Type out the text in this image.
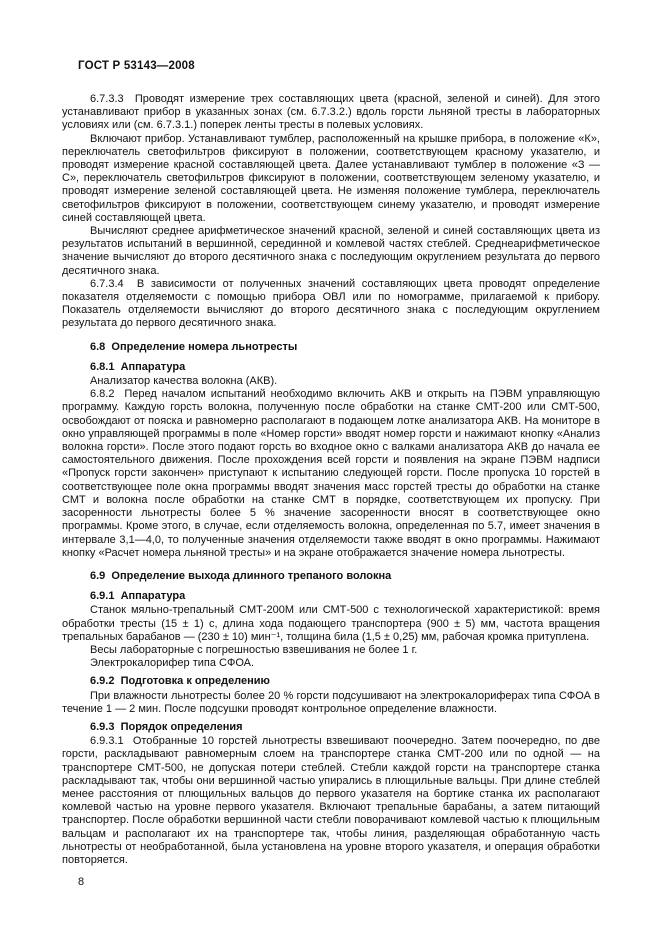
ГОСТ Р 53143—2008

6.7.3.3  Проводят измерение трех составляющих цвета (красной, зеленой и синей). Для этого устанавливают прибор в указанных зонах (см. 6.7.3.2.) вдоль горсти льняной тресты в лабораторных условиях или (см. 6.7.3.1.) поперек ленты тресты в полевых условиях.

Включают прибор. Устанавливают тумблер, расположенный на крышке прибора, в положение «К», переключатель светофильтров фиксируют в положении, соответствующем красному указателю, и проводят измерение красной составляющей цвета. Далее устанавливают тумблер в положение «З — С», переключатель светофильтров фиксируют в положении, соответствующем зеленому указателю, и проводят измерение зеленой составляющей цвета. Не изменяя положение тумблера, переключатель светофильтров фиксируют в положении, соответствующем синему указателю, и проводят измерение синей составляющей цвета.

Вычисляют среднее арифметическое значений красной, зеленой и синей составляющих цвета из результатов испытаний в вершинной, серединной и комлевой частях стеблей. Среднеарифметическое значение вычисляют до второго десятичного знака с последующим округлением результата до первого десятичного знака.

6.7.3.4  В зависимости от полученных значений составляющих цвета проводят определение показателя отделяемости с помощью прибора ОВЛ или по номограмме, прилагаемой к прибору. Показатель отделяемости вычисляют до второго десятичного знака с последующим округлением результата до первого десятичного знака.

6.8  Определение номера льнотресты

6.8.1  Аппаратура

Анализатор качества волокна (АКВ).

6.8.2  Перед началом испытаний необходимо включить АКВ и открыть на ПЭВМ управляющую программу. Каждую горсть волокна, полученную после обработки на станке СМТ-200 или СМТ-500, освобождают от пояска и равномерно располагают в подающем лотке анализатора АКВ. На мониторе в окно управляющей программы в поле «Номер горсти» вводят номер горсти и нажимают кнопку «Анализ волокна горсти». После этого подают горсть во входное окно с валками анализатора АКВ до начала ее самостоятельного движения. После прохождения всей горсти и появления на экране ПЭВМ надписи «Пропуск горсти закончен» приступают к испытанию следующей горсти. После пропуска 10 горстей в соответствующее поле окна программы вводят значения масс горстей тресты до обработки на станке СМТ и волокна после обработки на станке СМТ в порядке, соответствующем их пропуску. При засоренности льнотресты более 5 % значение засоренности вносят в соответствующее окно программы. Кроме этого, в случае, если отделяемость волокна, определенная по 5.7, имеет значения в интервале 3,1—4,0, то полученные значения отделяемости также вводят в окно программы. Нажимают кнопку «Расчет номера льняной тресты» и на экране отображается значение номера льнотресты.

6.9  Определение выхода длинного трепаного волокна

6.9.1  Аппаратура

Станок мяльно-трепальный СМТ-200М или СМТ-500 с технологической характеристикой: время обработки тресты (15 ± 1) с, длина хода подающего транспортера (900 ± 5) мм, частота вращения трепальных барабанов — (230 ± 10) мин⁻¹, толщина била (1,5 ± 0,25) мм, рабочая кромка притуплена.

Весы лабораторные с погрешностью взвешивания не более 1 г.

Электрокалорифер типа СФОА.

6.9.2  Подготовка к определению

При влажности льнотресты более 20 % горсти подсушивают на электрокалориферах типа СФОА в течение 1 — 2 мин. После подсушки проводят контрольное определение влажности.

6.9.3  Порядок определения

6.9.3.1  Отобранные 10 горстей льнотресты взвешивают поочередно. Затем поочередно, по две горсти, раскладывают равномерным слоем на транспортере станка СМТ-200 или по одной — на транспортере СМТ-500, не допуская потери стеблей. Стебли каждой горсти на транспортере станка раскладывают так, чтобы они вершинной частью упирались в плющильные вальцы. При длине стеблей менее расстояния от плющильных вальцов до первого указателя на бортике станка их располагают комлевой частью на уровне первого указателя. Включают трепальные барабаны, а затем питающий транспортер. После обработки вершинной части стебли поворачивают комлевой частью к плющильным вальцам и располагают их на транспортере так, чтобы линия, разделяющая обработанную часть льнотресты от необработанной, была установлена на уровне второго указателя, и операция обработки повторяется.

8
